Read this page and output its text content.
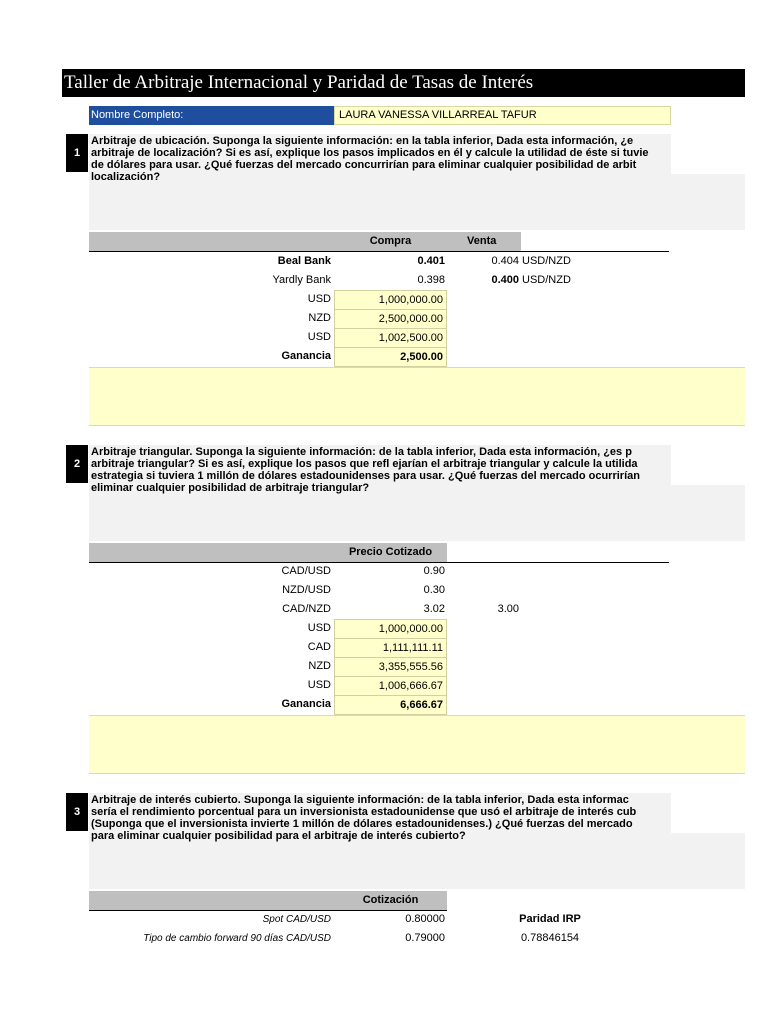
Taller de Arbitraje Internacional y Paridad de Tasas de Interés
Nombre Completo:	LAURA VANESSA VILLARREAL TAFUR
1
Arbitraje de ubicación. Suponga la siguiente información: en la tabla inferior, Dada esta información, ¿e
arbitraje de localización? Si es así, explique los pasos implicados en él y calcule la utilidad de éste si tuvie
de dólares para usar. ¿Qué fuerzas del mercado concurrirían para eliminar cualquier posibilidad de arbit
localización?
Compra	Venta
Beal Bank	0.401	0.404 USD/NZD
Yardly Bank	0.398	0.400 USD/NZD
USD	1,000,000.00
NZD	2,500,000.00
USD	1,002,500.00
Ganancia	2,500.00
2
Arbitraje triangular. Suponga la siguiente información: de la tabla inferior, Dada esta información, ¿es p
arbitraje triangular? Si es así, explique los pasos que refl ejarían el arbitraje triangular y calcule la utilida
estrategia si tuviera 1 millón de dólares estadounidenses para usar. ¿Qué fuerzas del mercado ocurrirían
eliminar cualquier posibilidad de arbitraje triangular?
Precio Cotizado
CAD/USD	0.90
NZD/USD	0.30
CAD/NZD	3.02	3.00
USD	1,000,000.00
CAD	1,111,111.11
NZD	3,355,555.56
USD	1,006,666.67
Ganancia	6,666.67
3
Arbitraje de interés cubierto. Suponga la siguiente información: de la tabla inferior, Dada esta informac
sería el rendimiento porcentual para un inversionista estadounidense que usó el arbitraje de interés cub
(Suponga que el inversionista invierte 1 millón de dólares estadounidenses.) ¿Qué fuerzas del mercado
para eliminar cualquier posibilidad para el arbitraje de interés cubierto?
Cotización
Paridad IRP
Spot CAD/USD	0.80000
Tipo de cambio forward 90 días CAD/USD	0.79000	0.78846154
